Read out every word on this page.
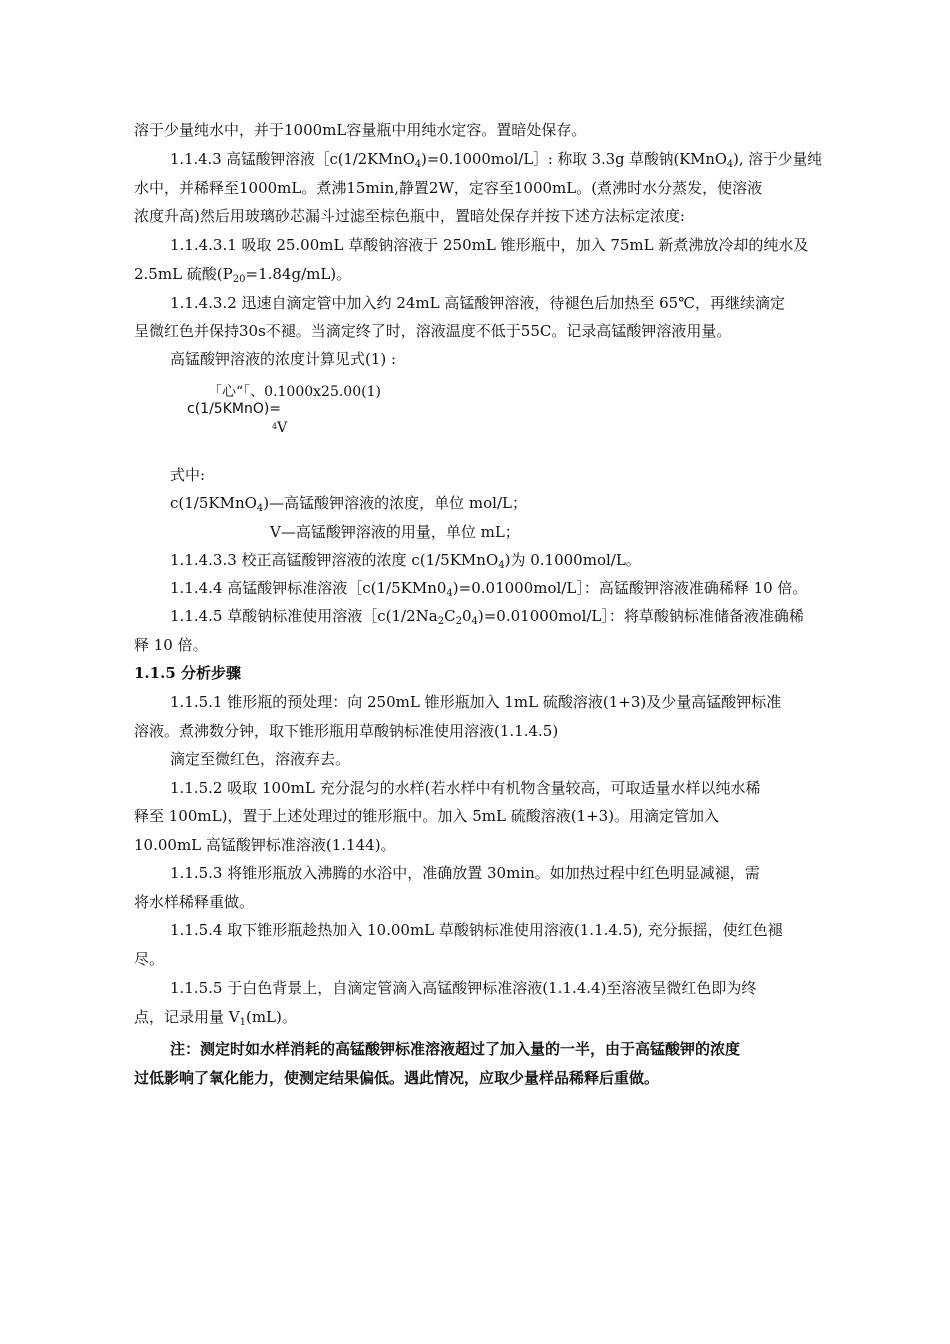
溶于少量纯水中，并于1000mL容量瓶中用纯水定容。置暗处保存。
1.1.4.3 高锰酸钾溶液［c(1/2KMnO$_4$)=0.1000mol/L］: 称取 3.3g 草酸钠(KMnO$_4$), 溶于少量纯
水中，并稀释至1000mL。煮沸15min,静置2W，定容至1000mL。(煮沸时水分蒸发，使溶液
浓度升高)然后用玻璃砂芯漏斗过滤至棕色瓶中，置暗处保存并按下述方法标定浓度:
1.1.4.3.1 吸取 25.00mL 草酸钠溶液于 250mL 锥形瓶中，加入 75mL 新煮沸放冷却的纯水及
2.5mL 硫酸$(P_{20}=1.84g/mL)$。
1.1.4.3.2 迅速自滴定管中加入约 24mL 高锰酸钾溶液，待褪色后加热至 65℃，再继续滴定
呈微红色并保持30s不褪。当滴定终了时，溶液温度不低于55C。记录高锰酸钾溶液用量。
高锰酸钾溶液的浓度计算见式(1) :
「心“「、0.1000x25.00(1)
c(1/5KMnO)=
$^4$V
式中:
c(1/5KMnO$_4$)—高锰酸钾溶液的浓度，单位 mol/L；
V—高锰酸钾溶液的用量，单位 mL；
1.1.4.3.3 校正高锰酸钾溶液的浓度 c(1/5KMnO$_4$)为 0.1000mol/L。
1.1.4.4 高锰酸钾标准溶液$[c(1/5KMn0_4)=0.01000mol/L]$：高锰酸钾溶液准确稀释 10 倍。
1.1.4.5 草酸钠标准使用溶液$[c(1/2Na_2C_20_4)=0.01000mol/L]$：将草酸钠标准储备液准确稀
释 10 倍。
1.1.5 分析步骤
1.1.5.1 锥形瓶的预处理：向 250mL 锥形瓶加入 1mL 硫酸溶液(1+3)及少量高锰酸钾标准
溶液。煮沸数分钟，取下锥形瓶用草酸钠标准使用溶液(1.1.4.5)
滴定至微红色，溶液弃去。
1.1.5.2 吸取 100mL 充分混匀的水样(若水样中有机物含量较高，可取适量水样以纯水稀
释至 100mL)，置于上述处理过的锥形瓶中。加入 5mL 硫酸溶液(1+3)。用滴定管加入
10.00mL 高锰酸钾标准溶液(1.144)。
1.1.5.3 将锥形瓶放入沸腾的水浴中，准确放置 30min。如加热过程中红色明显减褪，需
将水样稀释重做。
1.1.5.4 取下锥形瓶趁热加入 10.00mL 草酸钠标准使用溶液(1.1.4.5), 充分振摇，使红色褪
尽。
1.1.5.5 于白色背景上，自滴定管滴入高锰酸钾标准溶液(1.1.4.4)至溶液呈微红色即为终
点，记录用量 $V_1(mL)$。
注：测定时如水样消耗的高锰酸钾标准溶液超过了加入量的一半，由于高锰酸钾的浓度
过低影响了氧化能力，使测定结果偏低。遇此情况，应取少量样品稀释后重做。
